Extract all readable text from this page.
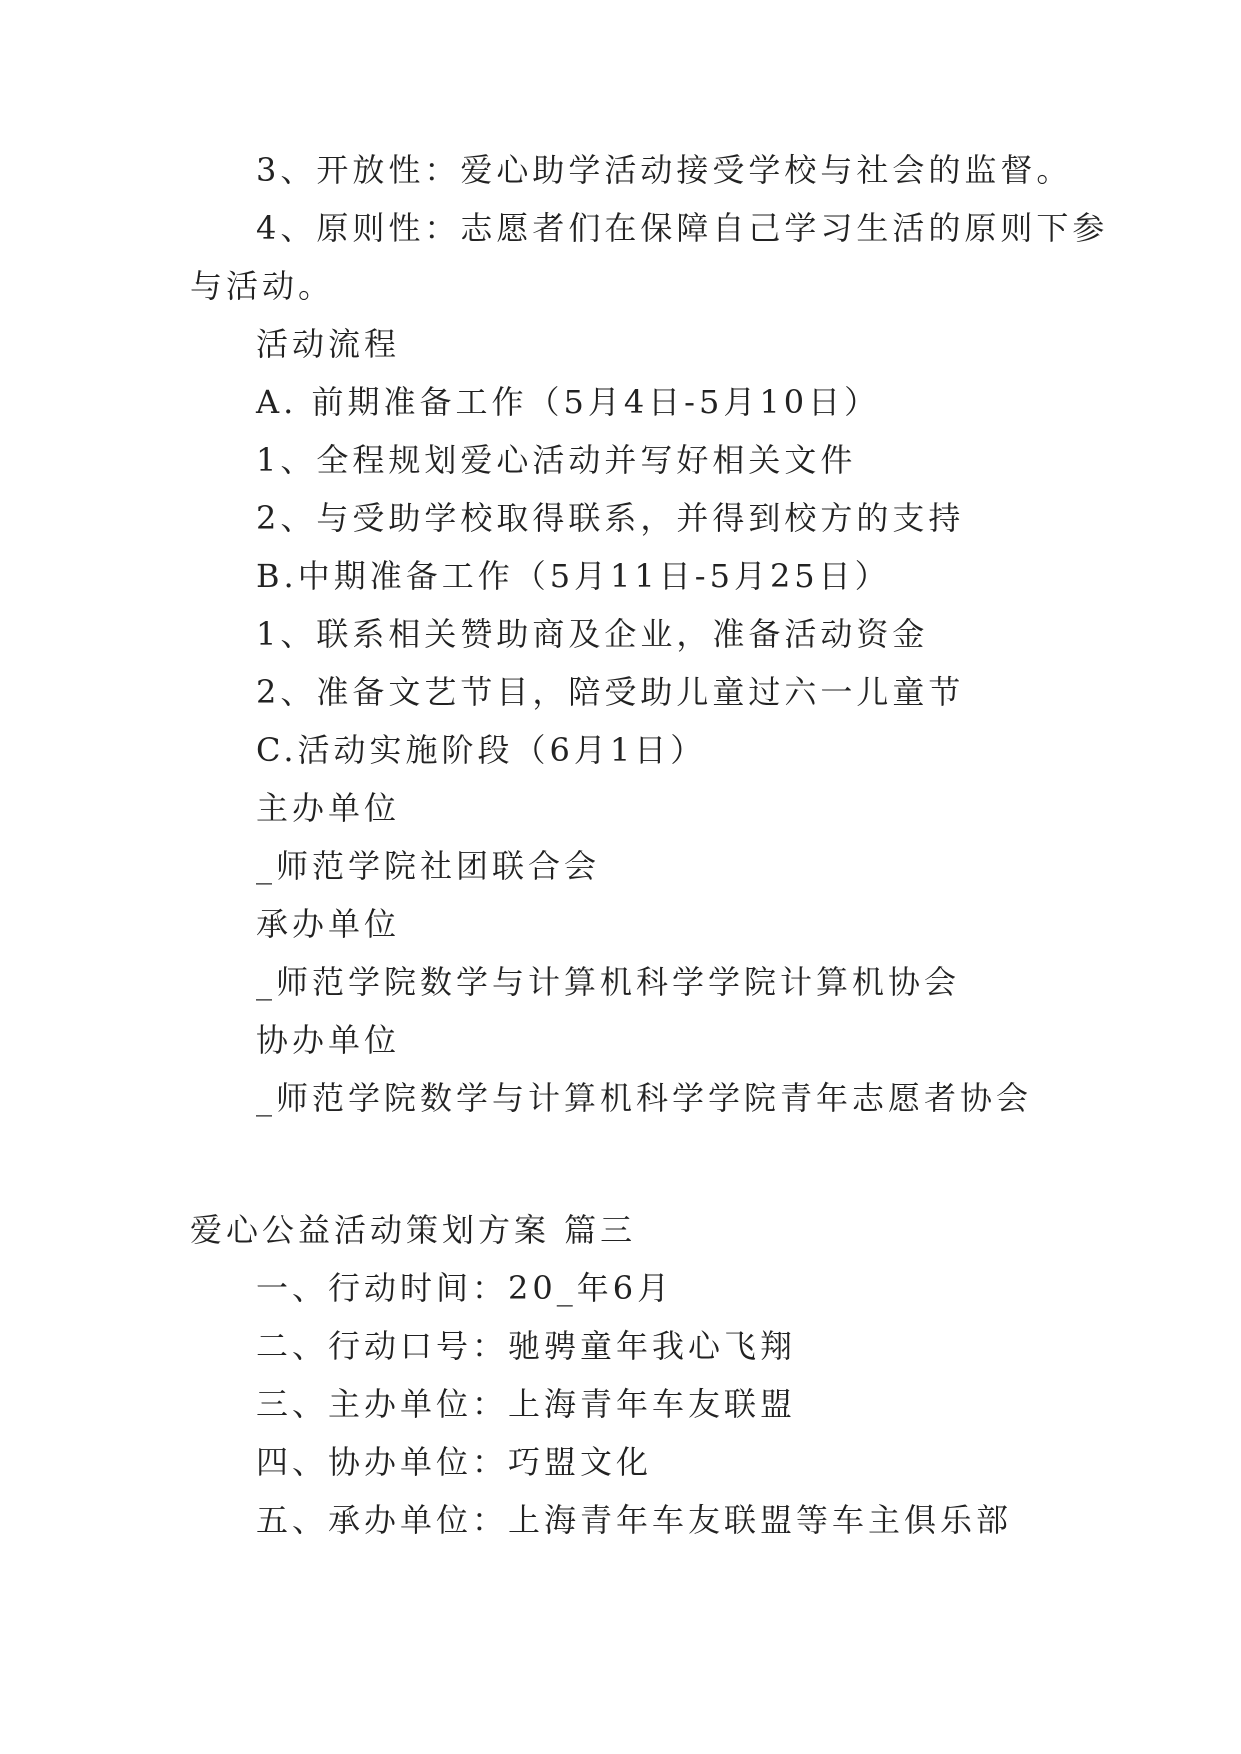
3、开放性：爱心助学活动接受学校与社会的监督。
4、原则性：志愿者们在保障自己学习生活的原则下参
与活动。
活动流程
A. 前期准备工作（5月4日-5月10日）
1、全程规划爱心活动并写好相关文件
2、与受助学校取得联系，并得到校方的支持
B.中期准备工作（5月11日-5月25日）
1、联系相关赞助商及企业，准备活动资金
2、准备文艺节目，陪受助儿童过六一儿童节
C.活动实施阶段（6月1日）
主办单位
_师范学院社团联合会
承办单位
_师范学院数学与计算机科学学院计算机协会
协办单位
_师范学院数学与计算机科学学院青年志愿者协会
爱心公益活动策划方案 篇三
一、行动时间：20_年6月
二、行动口号：驰骋童年我心飞翔
三、主办单位：上海青年车友联盟
四、协办单位：巧盟文化
五、承办单位：上海青年车友联盟等车主俱乐部
